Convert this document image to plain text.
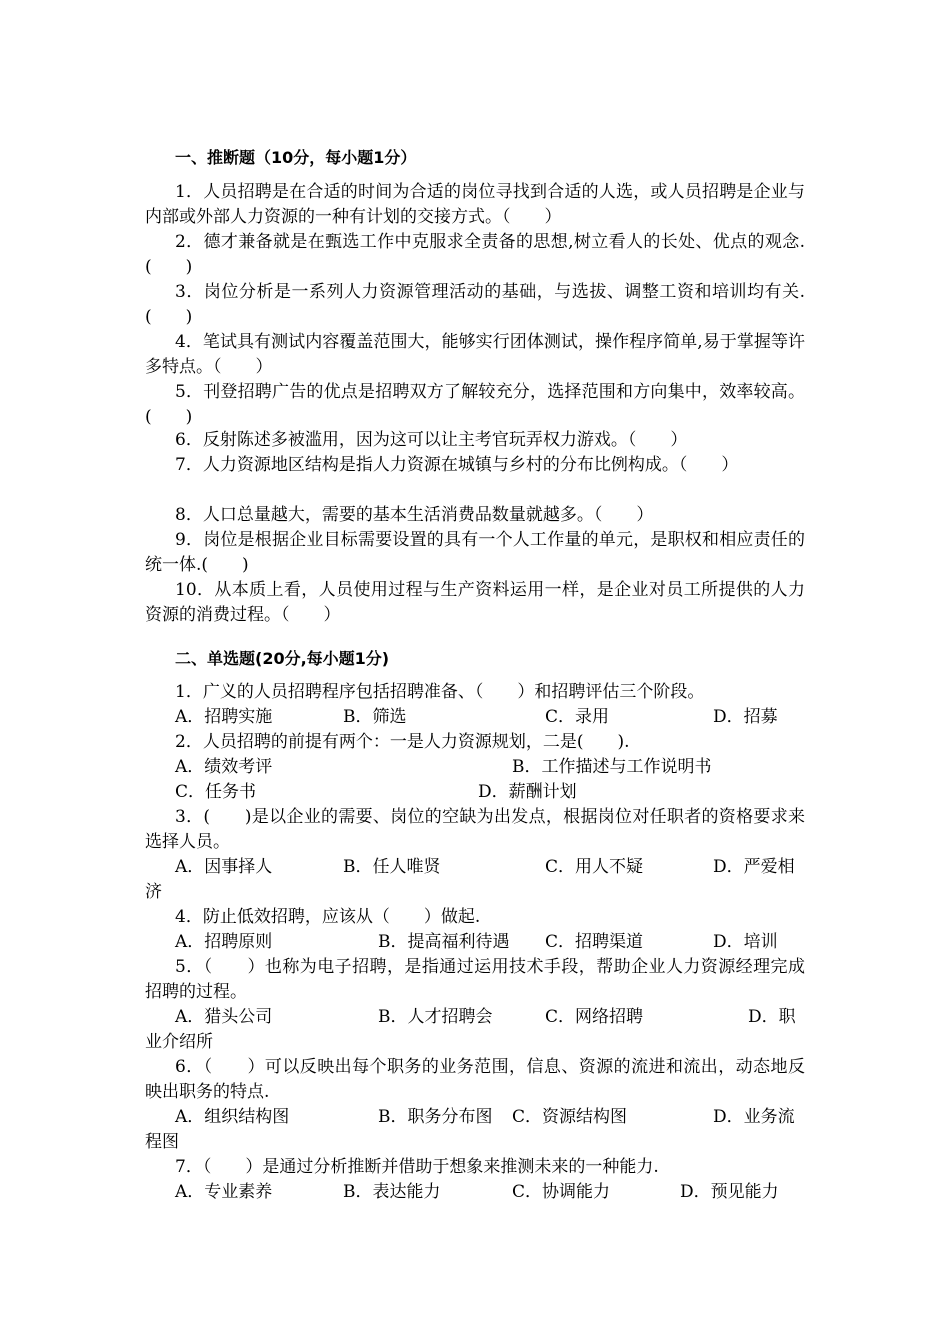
一、推断题（10分，每小题1分）
1．人员招聘是在合适的时间为合适的岗位寻找到合适的人选，或人员招聘是企业与内部或外部人力资源的一种有计划的交接方式。（　　）
2．德才兼备就是在甄选工作中克服求全责备的思想,树立看人的长处、优点的观念.(　　)
3．岗位分析是一系列人力资源管理活动的基础，与选拔、调整工资和培训均有关.(　　)
4．笔试具有测试内容覆盖范围大，能够实行团体测试，操作程序简单,易于掌握等许多特点。（　　）
5．刊登招聘广告的优点是招聘双方了解较充分，选择范围和方向集中，效率较高。(　　)
6．反射陈述多被滥用，因为这可以让主考官玩弄权力游戏。（　　）
7．人力资源地区结构是指人力资源在城镇与乡村的分布比例构成。（　　）
8．人口总量越大，需要的基本生活消费品数量就越多。（　　）
9．岗位是根据企业目标需要设置的具有一个人工作量的单元，是职权和相应责任的统一体.(　　)
10．从本质上看，人员使用过程与生产资料运用一样，是企业对员工所提供的人力资源的消费过程。（　　）
二、单选题(20分,每小题1分)
1．广义的人员招聘程序包括招聘准备、（　　）和招聘评估三个阶段。
A．招聘实施	B．筛选	C．录用	D．招募
2．人员招聘的前提有两个：一是人力资源规划，二是(　　).
A．绩效考评	B．工作描述与工作说明书
C．任务书	D．薪酬计划
3．(　　)是以企业的需要、岗位的空缺为出发点，根据岗位对任职者的资格要求来选择人员。
A．因事择人	B．任人唯贤	C．用人不疑	D．严爱相
济
4．防止低效招聘，应该从（　　）做起.
A．招聘原则	B．提高福利待遇 C．招聘渠道	D．培训
5．（　　）也称为电子招聘，是指通过运用技术手段，帮助企业人力资源经理完成招聘的过程。
A．猎头公司	B．人才招聘会	C．网络招聘	D．职
业介绍所
6．（　　）可以反映出每个职务的业务范围，信息、资源的流进和流出，动态地反映出职务的特点.
A．组织结构图	B．职务分布图 C．资源结构图	D．业务流
程图
7．（　　）是通过分析推断并借助于想象来推测未来的一种能力.
A．专业素养	B．表达能力	C．协调能力	D．预见能力
